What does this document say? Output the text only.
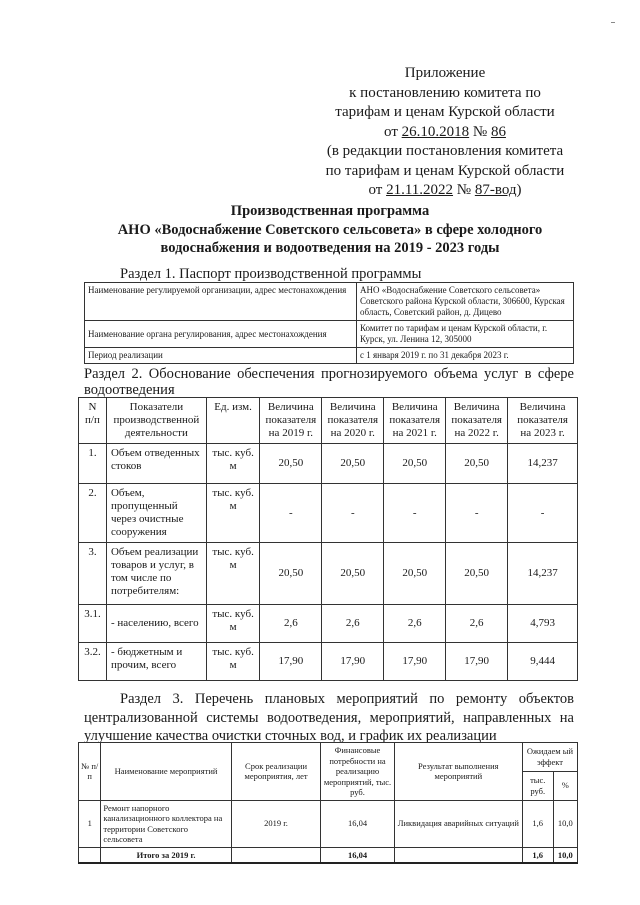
Приложение
к постановлению комитета по
тарифам и ценам Курской области
от 26.10.2018 № 86
(в редакции постановления комитета
по тарифам и ценам Курской области
от 21.11.2022 № 87-вод)
Производственная программа
АНО «Водоснабжение Советского сельсовета» в сфере холодного
водоснабжения и водоотведения на 2019 - 2023 годы
Раздел 1. Паспорт производственной программы
Наименование регулируемой организации, адрес местонахождения	АНО «Водоснабжение Советского сельсовета» Советского района Курской области, 306600, Курская область, Советский район, д. Дицево
Наименование органа регулирования, адрес местонахождения	Комитет по тарифам и ценам Курской области, г. Курск, ул. Ленина 12, 305000
Период реализации	с 1 января 2019 г. по 31 декабря 2023 г.
Раздел 2. Обоснование обеспечения прогнозируемого объема услуг в сфере водоотведения
N п/п	Показатели производственной деятельности	Ед. изм.	Величина показателя на 2019 г.	Величина показателя на 2020 г.	Величина показателя на 2021 г.	Величина показателя на 2022 г.	Величина показателя на 2023 г.
1.	Объем отведенных стоков	тыс. куб. м	20,50	20,50	20,50	20,50	14,237
2.	Объем, пропущенный через очистные сооружения	тыс. куб. м	-	-	-	-	-
3.	Объем реализации товаров и услуг, в том числе по потребителям:	тыс. куб. м	20,50	20,50	20,50	20,50	14,237
3.1.	- населению, всего	тыс. куб. м	2,6	2,6	2,6	2,6	4,793
3.2.	- бюджетным и прочим, всего	тыс. куб. м	17,90	17,90	17,90	17,90	9,444
Раздел 3. Перечень плановых мероприятий по ремонту объектов централизованной системы водоотведения, мероприятий, направленных на улучшение качества очистки сточных вод, и график их реализации
№ п/ п	Наименование мероприятий	Срок реализации мероприятия, лет	Финансовые потребности на реализацию мероприятий, тыс. руб.	Результат выполнения мероприятий	Ожидаем ый эффект	
					тыс. руб.	%
1	Ремонт напорного канализационного коллектора на территории Советского сельсовета	2019 г.	16,04	Ликвидация аварийных ситуаций	1,6	10,0
	Итого за 2019 г.		16,04		1,6	10,0
